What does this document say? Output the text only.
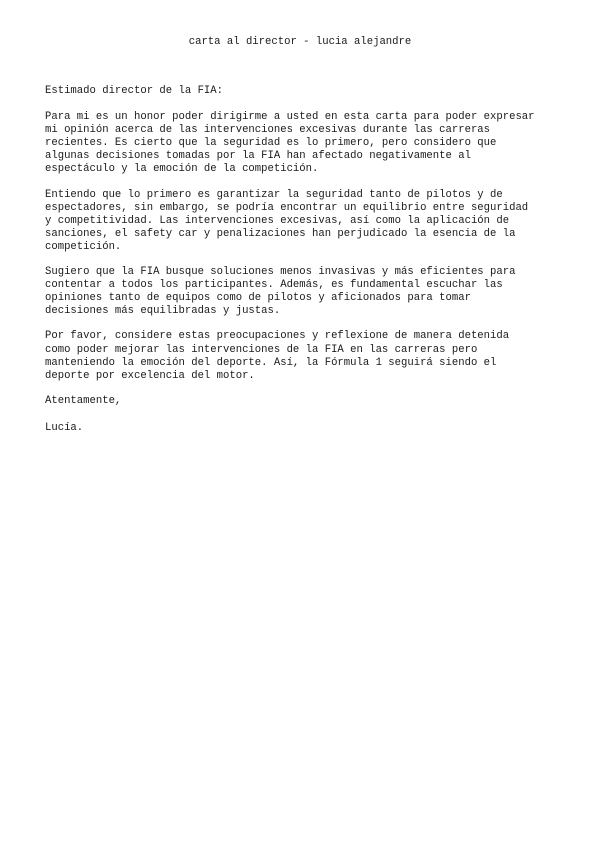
carta al director - lucia alejandre

Estimado director de la FIA:

Para mi es un honor poder dirigirme a usted en esta carta para poder expresar
mi opinión acerca de las intervenciones excesivas durante las carreras
recientes. Es cierto que la seguridad es lo primero, pero considero que
algunas decisiones tomadas por la FIA han afectado negativamente al
espectáculo y la emoción de la competición.

Entiendo que lo primero es garantizar la seguridad tanto de pilotos y de
espectadores, sin embargo, se podría encontrar un equilibrio entre seguridad
y competitividad. Las intervenciones excesivas, así como la aplicación de
sanciones, el safety car y penalizaciones han perjudicado la esencia de la
competición.

Sugiero que la FIA busque soluciones menos invasivas y más eficientes para
contentar a todos los participantes. Además, es fundamental escuchar las
opiniones tanto de equipos como de pilotos y aficionados para tomar
decisiones más equilibradas y justas.

Por favor, considere estas preocupaciones y reflexione de manera detenida
como poder mejorar las intervenciones de la FIA en las carreras pero
manteniendo la emoción del deporte. Así, la Fórmula 1 seguirá siendo el
deporte por excelencia del motor.

Atentamente,

Lucía.
